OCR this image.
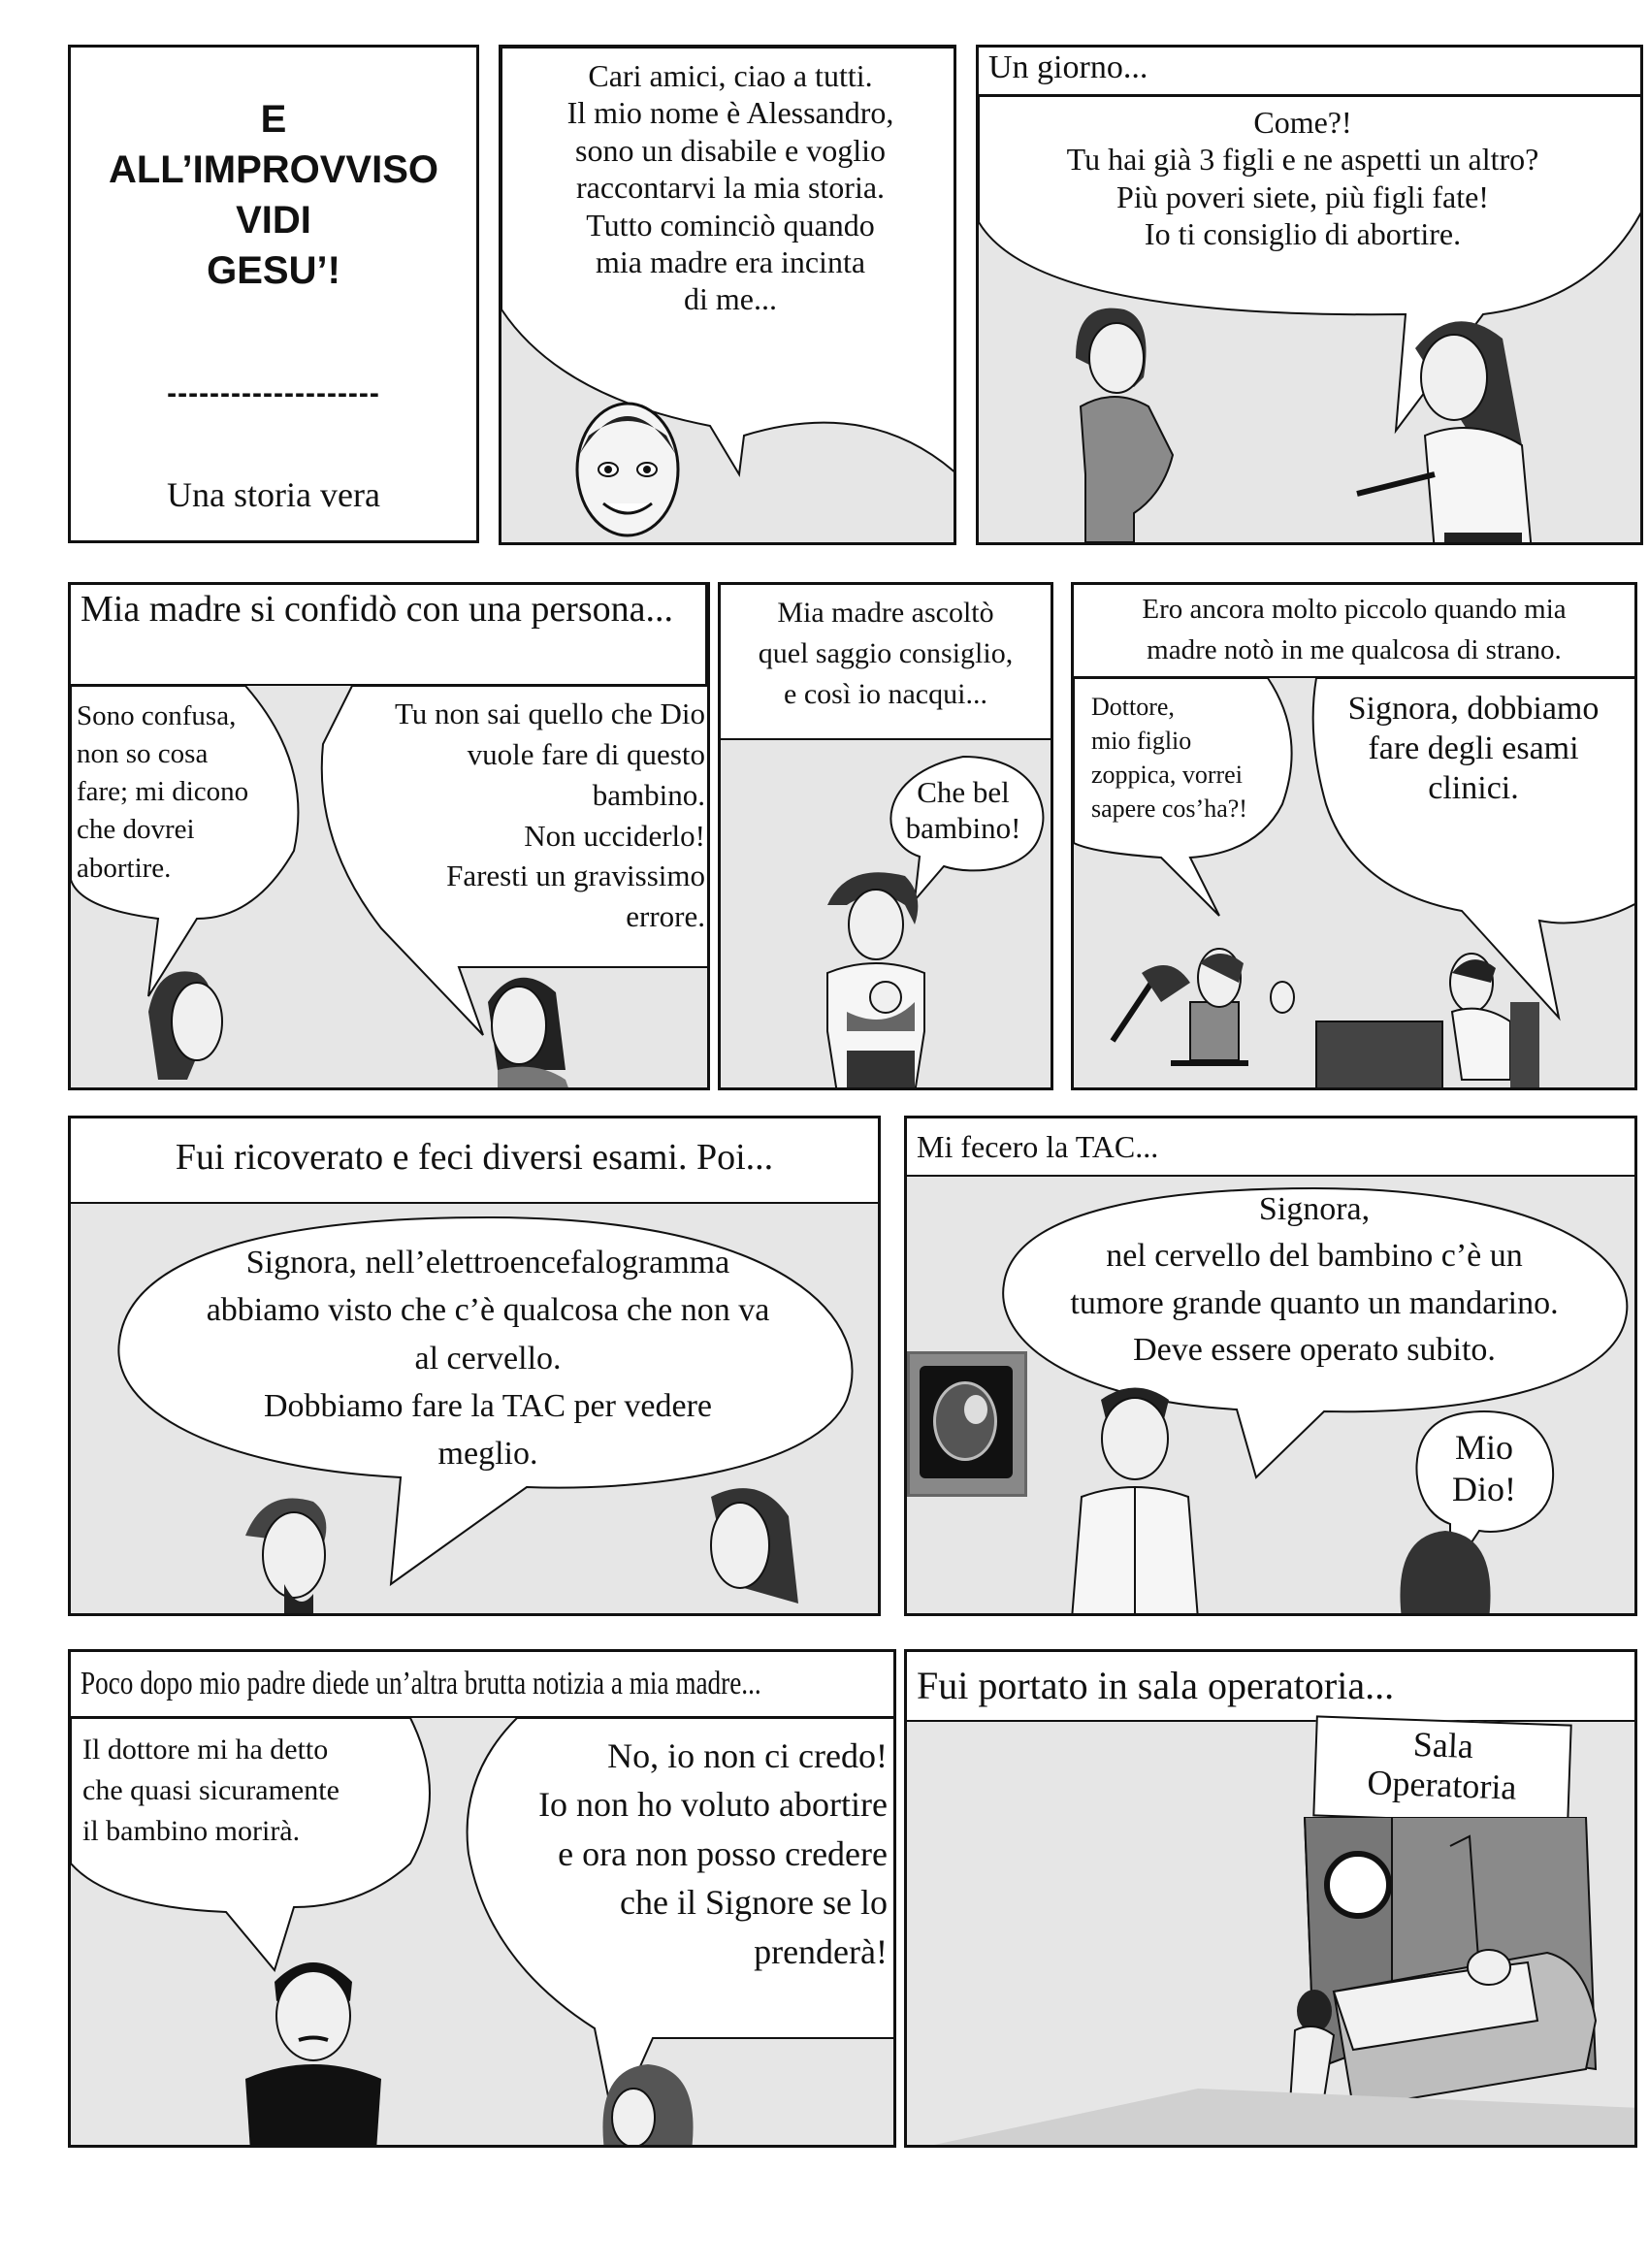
E
ALL’IMPROVVISO
VIDI
GESU’!
--------------------
Una storia vera
Cari amici, ciao a tutti.
Il mio nome è Alessandro,
sono un disabile e voglio
raccontarvi la mia storia.
Tutto cominciò quando
mia madre era incinta
di me...
Un giorno...
Come?!
Tu hai già 3 figli e ne aspetti un altro?
Più poveri siete, più figli fate!
Io ti consiglio di abortire.
Mia madre si confidò con una persona...
Sono confusa,
non so cosa
fare; mi dicono
che dovrei
abortire.
Tu non sai quello che Dio
vuole fare di questo
bambino.
Non ucciderlo!
Faresti un gravissimo
errore.
Mia madre ascoltò
quel saggio consiglio,
e così io nacqui...
Che bel
bambino!
Ero ancora molto piccolo quando mia
madre notò in me qualcosa di strano.
Dottore,
mio figlio
zoppica, vorrei
sapere cos’ha?!
Signora, dobbiamo
fare degli esami
clinici.
Fui ricoverato e feci diversi esami. Poi...
Signora, nell’elettroencefalogramma
abbiamo visto che c’è qualcosa che non va
al cervello.
Dobbiamo fare la TAC per vedere
meglio.
Mi fecero la TAC...
Signora,
nel cervello del bambino c’è un
tumore grande quanto un mandarino.
Deve essere operato subito.
Mio
Dio!
Poco dopo mio padre diede un’altra brutta notizia a mia madre...
Il dottore mi ha detto
che quasi sicuramente
il bambino morirà.
No, io non ci credo!
Io non ho voluto abortire
e ora non posso credere
che il Signore se lo
prenderà!
Fui portato in sala operatoria...
Sala
Operatoria
